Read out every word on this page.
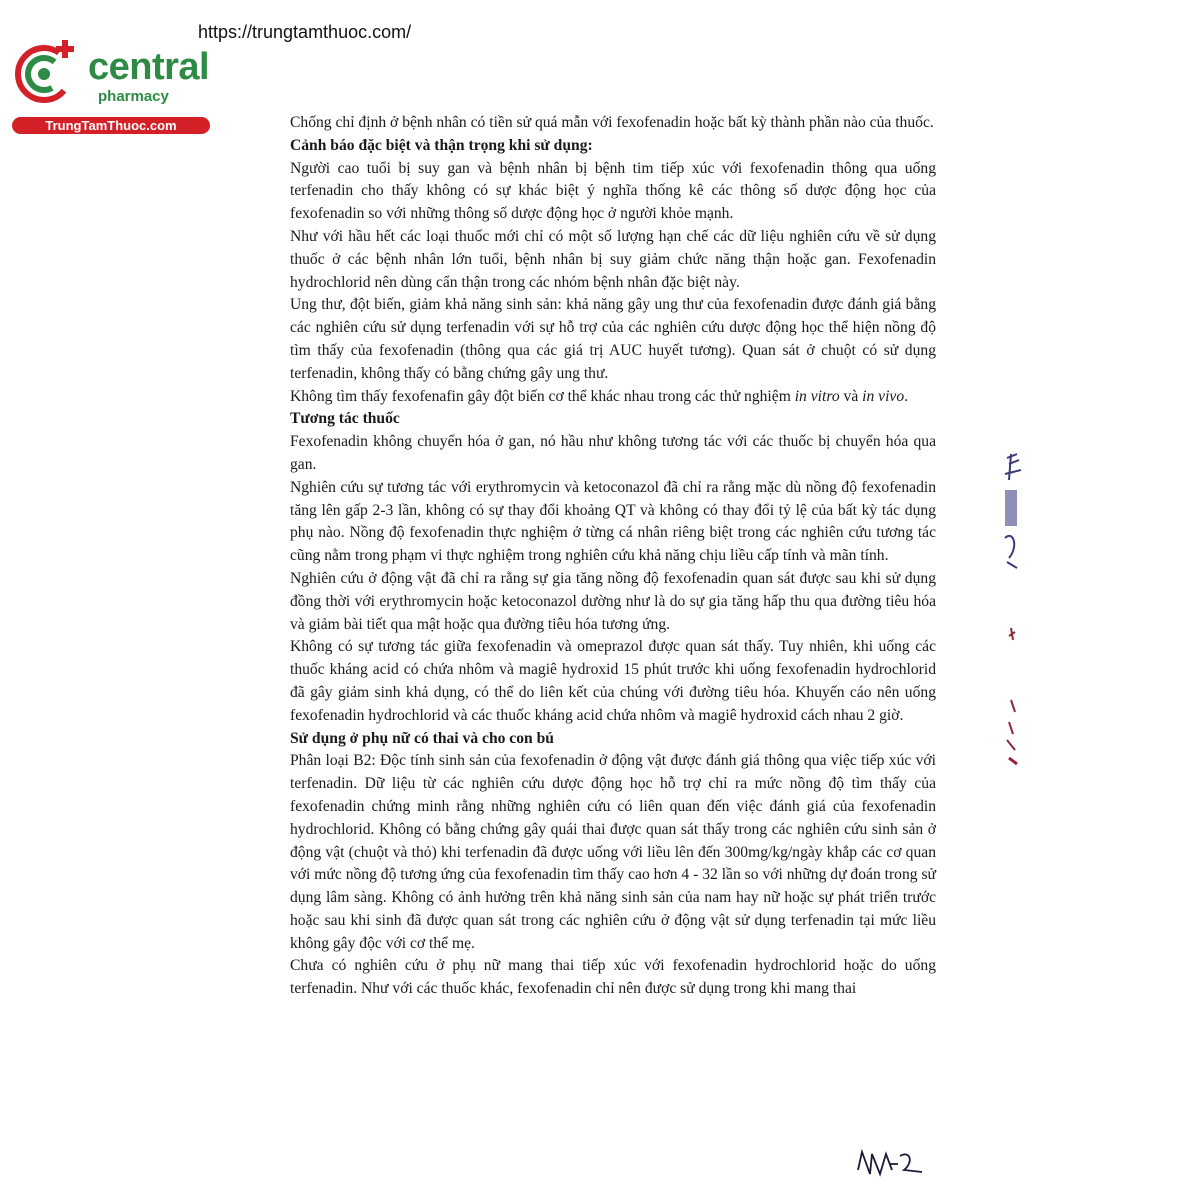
https://trungtamthuoc.com/
central
pharmacy
TrungTamThuoc.com	Chống chỉ định ở bệnh nhân có tiền sử quá mẫn với fexofenadin hoặc bất kỳ thành phần nào của thuốc.

Cảnh báo đặc biệt và thận trọng khi sử dụng:

Người cao tuổi bị suy gan và bệnh nhân bị bệnh tim tiếp xúc với fexofenadin thông qua uống terfenadin cho thấy không có sự khác biệt ý nghĩa thống kê các thông số dược động học của fexofenadin so với những thông số dược động học ở người khỏe mạnh.

Như với hầu hết các loại thuốc mới chỉ có một số lượng hạn chế các dữ liệu nghiên cứu về sử dụng thuốc ở các bệnh nhân lớn tuổi, bệnh nhân bị suy giảm chức năng thận hoặc gan. Fexofenadin hydrochlorid nên dùng cẩn thận trong các nhóm bệnh nhân đặc biệt này.

Ung thư, đột biến, giảm khả năng sinh sản: khả năng gây ung thư của fexofenadin được đánh giá bằng các nghiên cứu sử dụng terfenadin với sự hỗ trợ của các nghiên cứu dược động học thể hiện nồng độ tìm thấy của fexofenadin (thông qua các giá trị AUC huyết tương). Quan sát ở chuột có sử dụng terfenadin, không thấy có bằng chứng gây ung thư.

Không tìm thấy fexofenafin gây đột biến cơ thể khác nhau trong các thử nghiệm in vitro và in vivo.

Tương tác thuốc

Fexofenadin không chuyển hóa ở gan, nó hầu như không tương tác với các thuốc bị chuyển hóa qua gan.

Nghiên cứu sự tương tác với erythromycin và ketoconazol đã chỉ ra rằng mặc dù nồng độ fexofenadin tăng lên gấp 2-3 lần, không có sự thay đổi khoảng QT và không có thay đổi tỷ lệ của bất kỳ tác dụng phụ nào. Nồng độ fexofenadin thực nghiệm ở từng cá nhân riêng biệt trong các nghiên cứu tương tác cũng nằm trong phạm vi thực nghiệm trong nghiên cứu khả năng chịu liều cấp tính và mãn tính.

Nghiên cứu ở động vật đã chỉ ra rằng sự gia tăng nồng độ fexofenadin quan sát được sau khi sử dụng đồng thời với erythromycin hoặc ketoconazol dường như là do sự gia tăng hấp thu qua đường tiêu hóa và giảm bài tiết qua mật hoặc qua đường tiêu hóa tương ứng.

Không có sự tương tác giữa fexofenadin và omeprazol được quan sát thấy. Tuy nhiên, khi uống các thuốc kháng acid có chứa nhôm và magiê hydroxid 15 phút trước khi uống fexofenadin hydrochlorid đã gây giảm sinh khả dụng, có thể do liên kết của chúng với đường tiêu hóa. Khuyến cáo nên uống fexofenadin hydrochlorid và các thuốc kháng acid chứa nhôm và magiê hydroxid cách nhau 2 giờ.

Sử dụng ở phụ nữ có thai và cho con bú

Phân loại B2: Độc tính sinh sản của fexofenadin ở động vật được đánh giá thông qua việc tiếp xúc với terfenadin. Dữ liệu từ các nghiên cứu dược động học hỗ trợ chỉ ra mức nồng độ tìm thấy của fexofenadin chứng minh rằng những nghiên cứu có liên quan đến việc đánh giá của fexofenadin hydrochlorid. Không có bằng chứng gây quái thai được quan sát thấy trong các nghiên cứu sinh sản ở động vật (chuột và thỏ) khi terfenadin đã được uống với liều lên đến 300mg/kg/ngày khắp các cơ quan với mức nồng độ tương ứng của fexofenadin tìm thấy cao hơn 4 - 32 lần so với những dự đoán trong sử dụng lâm sàng. Không có ảnh hưởng trên khả năng sinh sản của nam hay nữ hoặc sự phát triển trước hoặc sau khi sinh đã được quan sát trong các nghiên cứu ở động vật sử dụng terfenadin tại mức liều không gây độc với cơ thể mẹ.

Chưa có nghiên cứu ở phụ nữ mang thai tiếp xúc với fexofenadin hydrochlorid hoặc do uống terfenadin. Như với các thuốc khác, fexofenadin chỉ nên được sử dụng trong khi mang thai
